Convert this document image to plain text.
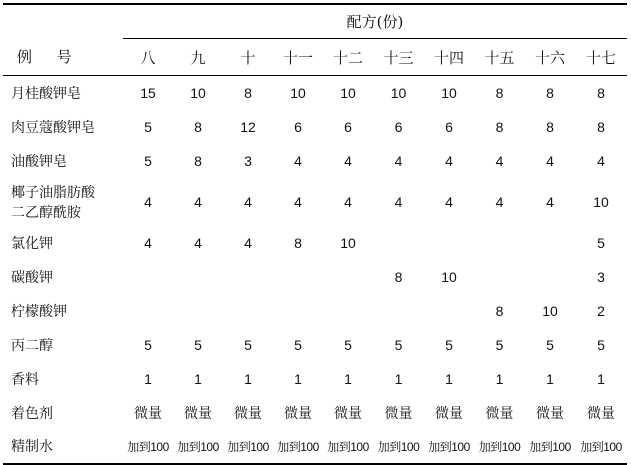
	配方(份)									
例 号	八	九	十	十一	十二	十三	十四	十五	十六	十七
月桂酸钾皂	15	10	8	10	10	10	10	8	8	8
肉豆蔻酸钾皂	5	8	12	6	6	6	6	8	8	8
油酸钾皂	5	8	3	4	4	4	4	4	4	4

椰子油脂肪酸
二乙醇酰胺	4	4	4	4	4	4	4	4	4	10
氯化钾	4	4	4	8	10					5
碳酸钾						8	10			3
柠檬酸钾								8	10	2
丙二醇	5	5	5	5	5	5	5	5	5	5
香料	1	1	1	1	1	1	1	1	1	1
着色剂	微量	微量	微量	微量	微量	微量	微量	微量	微量	微量
精制水	加到100	加到100	加到100	加到100	加到100	加到100	加到100	加到100	加到100	加到100
